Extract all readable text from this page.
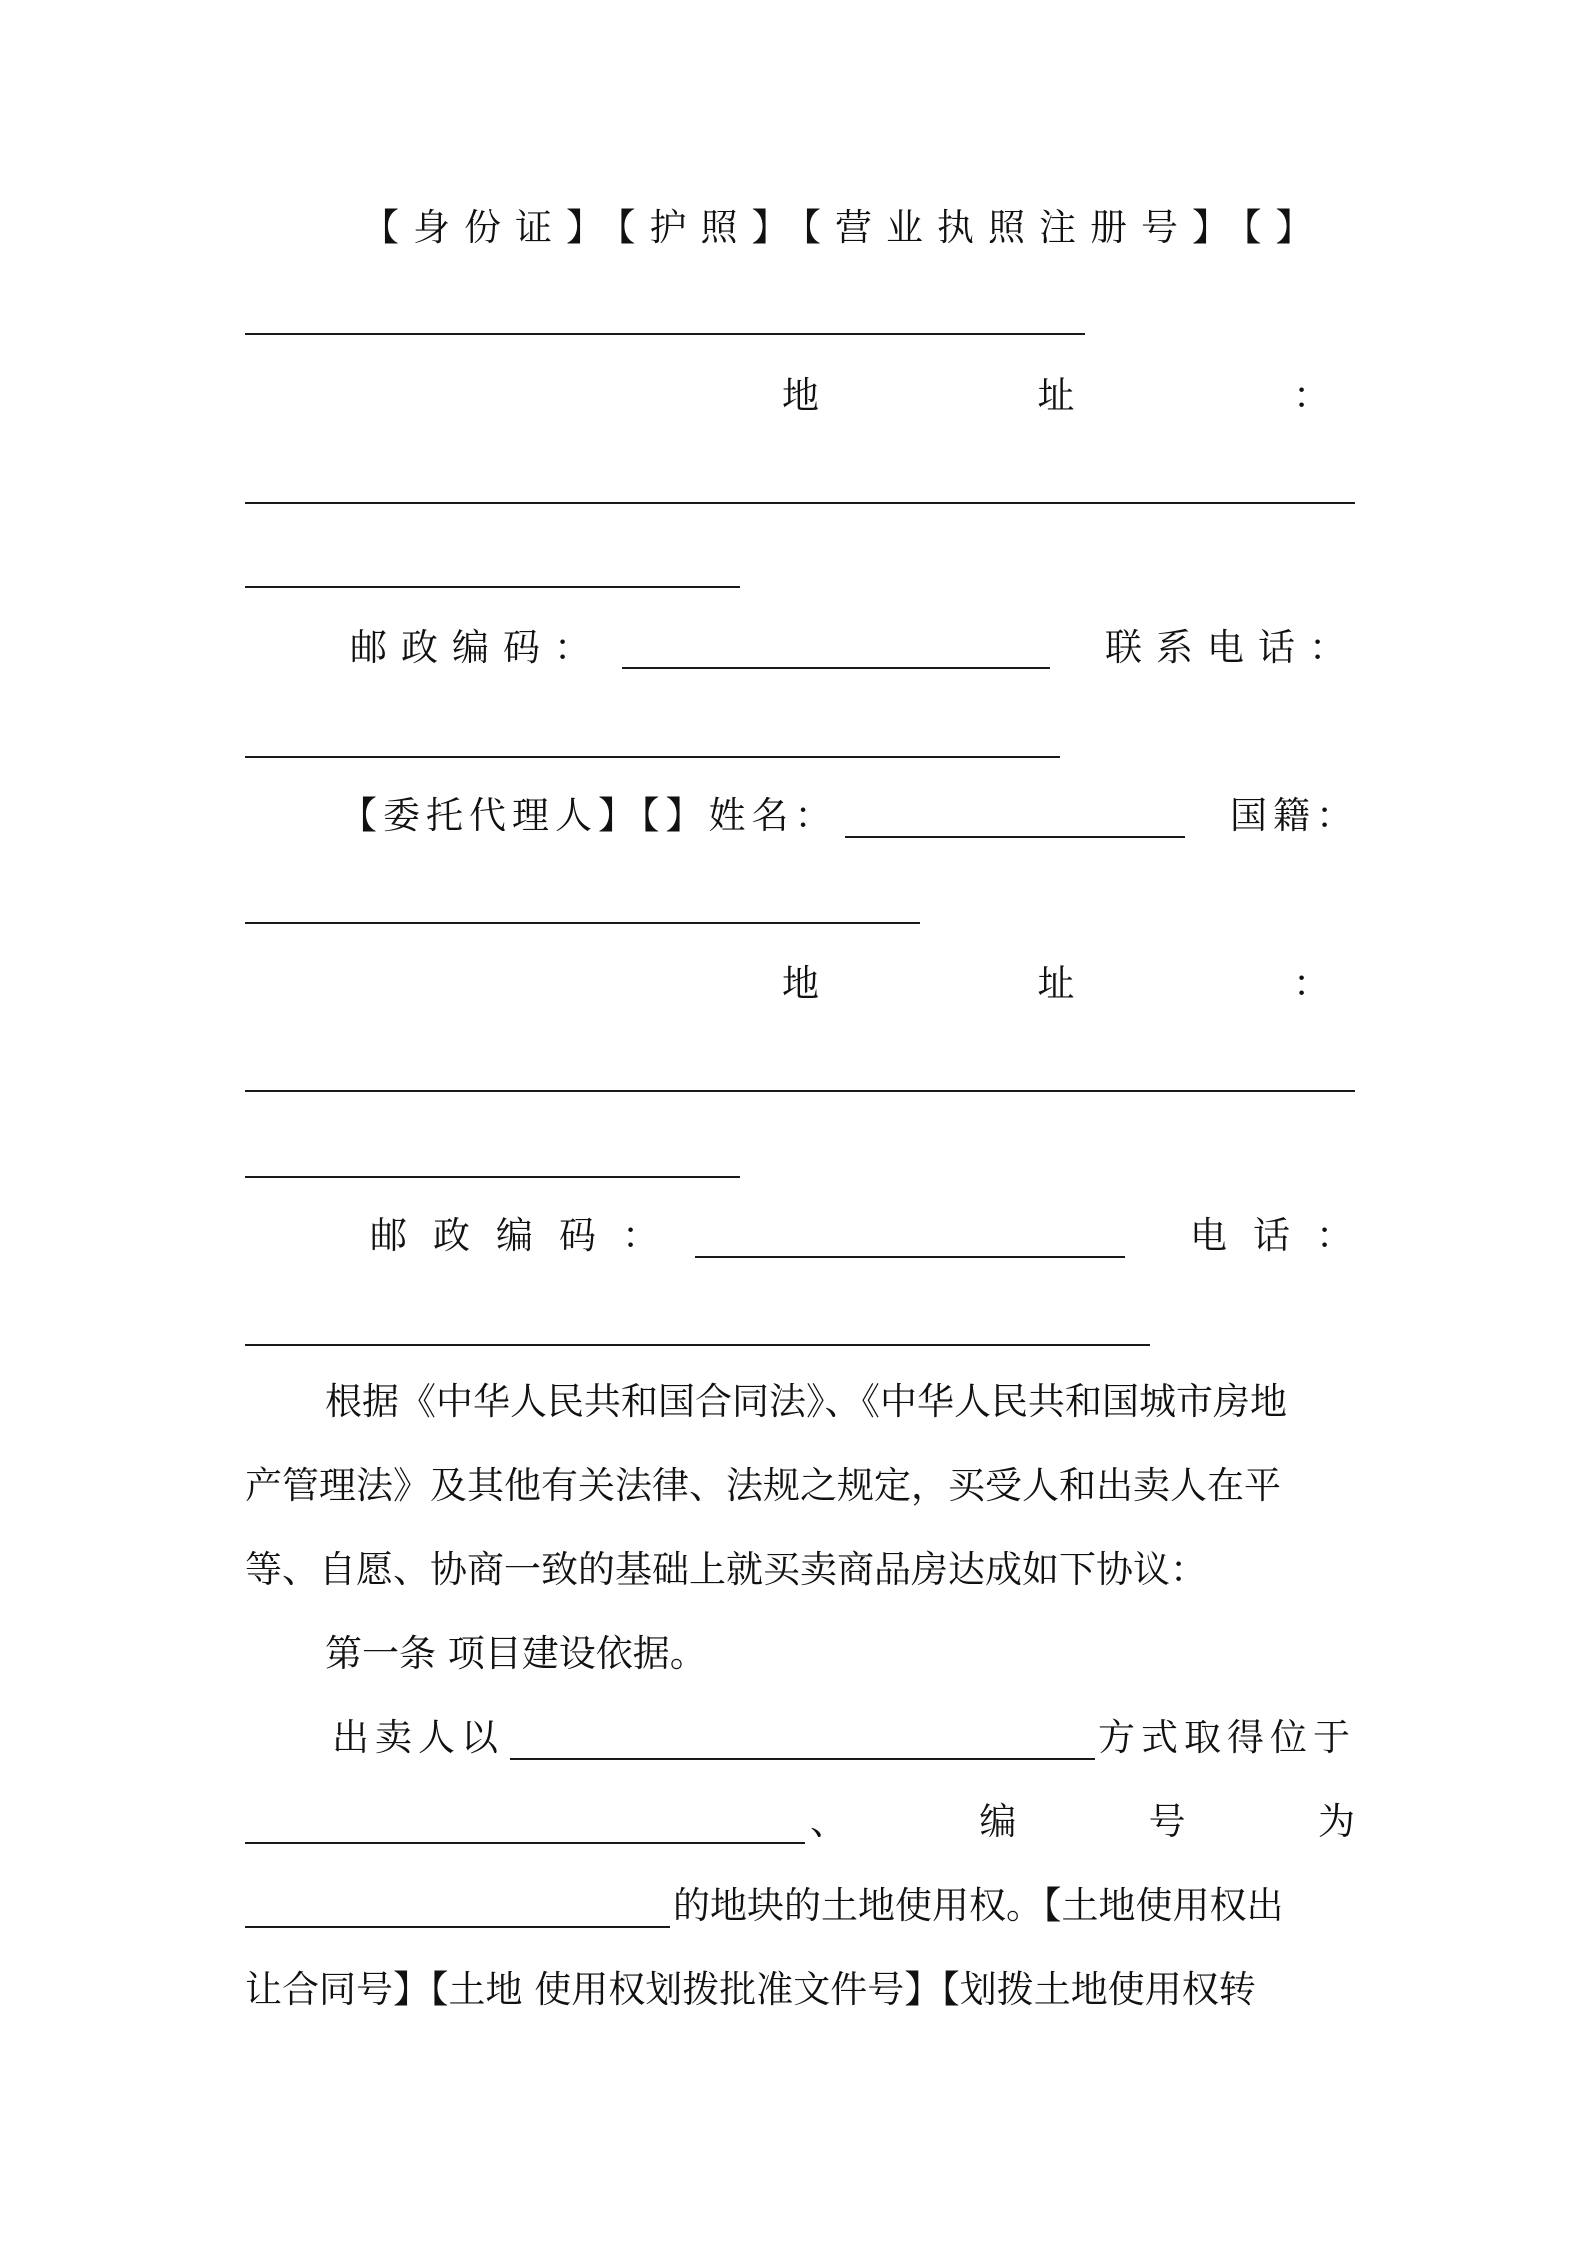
【身份证】【护照】【营业执照注册号】【】
地	址	：
邮政编码：	联系电话：
【委托代理人】【】姓名：	国籍：
地	址	：
邮政编码：	电话：
根据《中华人民共和国合同法》、《中华人民共和国城市房地
产管理法》及其他有关法律、法规之规定，买受人和出卖人在平
等、自愿、协商一致的基础上就买卖商品房达成如下协议：
第一条 项目建设依据。
出卖人以	方式取得位于
、	编	号	为
的地块的土地使用权。【土地使用权出
让合同号】【土地 使用权划拨批准文件号】【划拨土地使用权转
